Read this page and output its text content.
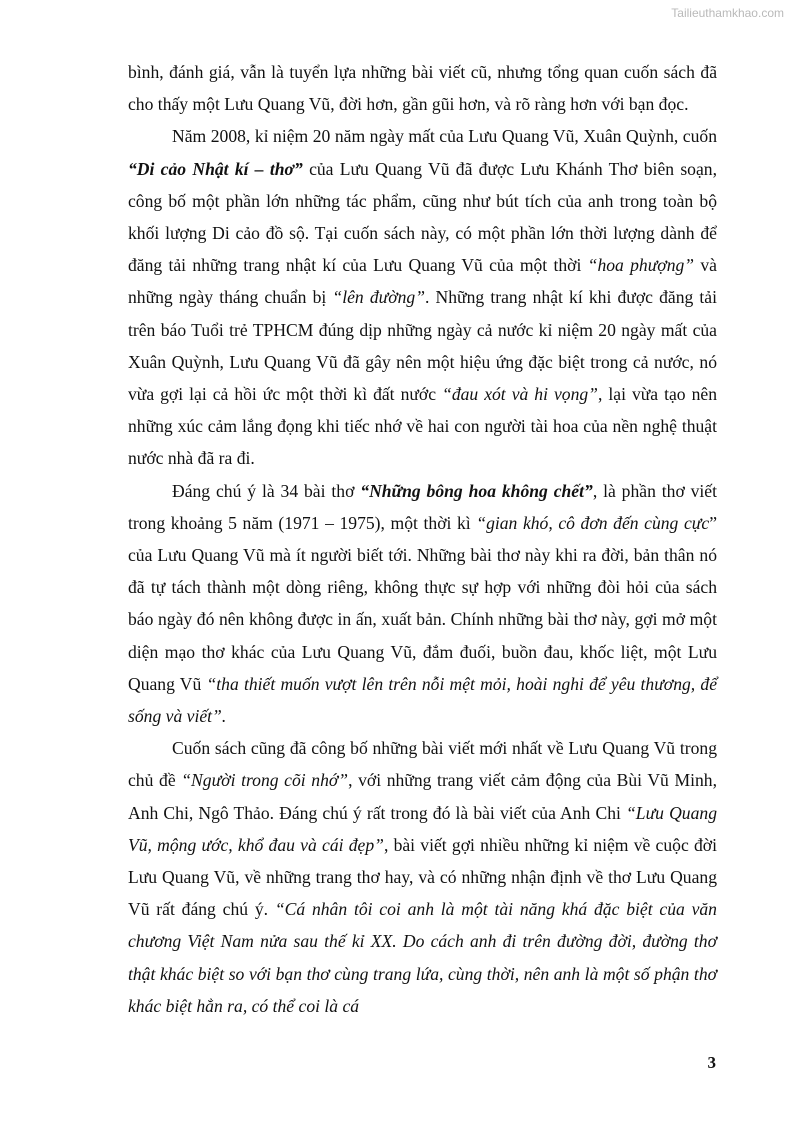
Tailieuthamkhao.com

bình, đánh giá, vẫn là tuyển lựa những bài viết cũ, nhưng tổng quan cuốn sách đã cho thấy một Lưu Quang Vũ, đời hơn, gần gũi hơn, và rõ ràng hơn với bạn đọc.

Năm 2008, kỉ niệm 20 năm ngày mất của Lưu Quang Vũ, Xuân Quỳnh, cuốn “Di cảo Nhật kí – thơ” của Lưu Quang Vũ đã được Lưu Khánh Thơ biên soạn, công bố một phần lớn những tác phẩm, cũng như bút tích của anh trong toàn bộ khối lượng Di cảo đồ sộ. Tại cuốn sách này, có một phần lớn thời lượng dành để đăng tải những trang nhật kí của Lưu Quang Vũ của một thời “hoa phượng” và những ngày tháng chuẩn bị “lên đường”. Những trang nhật kí khi được đăng tải trên báo Tuổi trẻ TPHCM đúng dịp những ngày cả nước kỉ niệm 20 ngày mất của Xuân Quỳnh, Lưu Quang Vũ đã gây nên một hiệu ứng đặc biệt trong cả nước, nó vừa gợi lại cả hồi ức một thời kì đất nước “đau xót và hi vọng”, lại vừa tạo nên những xúc cảm lắng đọng khi tiếc nhớ về hai con người tài hoa của nền nghệ thuật nước nhà đã ra đi.

Đáng chú ý là 34 bài thơ “Những bông hoa không chết”, là phần thơ viết trong khoảng 5 năm (1971 – 1975), một thời kì “gian khó, cô đơn đến cùng cực” của Lưu Quang Vũ mà ít người biết tới. Những bài thơ này khi ra đời, bản thân nó đã tự tách thành một dòng riêng, không thực sự hợp với những đòi hỏi của sách báo ngày đó nên không được in ấn, xuất bản. Chính những bài thơ này, gợi mở một diện mạo thơ khác của Lưu Quang Vũ, đắm đuối, buồn đau, khốc liệt, một Lưu Quang Vũ “tha thiết muốn vượt lên trên nỗi mệt mỏi, hoài nghi để yêu thương, để sống và viết”.

Cuốn sách cũng đã công bố những bài viết mới nhất về Lưu Quang Vũ trong chủ đề “Người trong cõi nhớ”, với những trang viết cảm động của Bùi Vũ Minh, Anh Chi, Ngô Thảo. Đáng chú ý rất trong đó là bài viết của Anh Chi “Lưu Quang Vũ, mộng ước, khổ đau và cái đẹp”, bài viết gợi nhiều những kỉ niệm về cuộc đời Lưu Quang Vũ, về những trang thơ hay, và có những nhận định về thơ Lưu Quang Vũ rất đáng chú ý. “Cá nhân tôi coi anh là một tài năng khá đặc biệt của văn chương Việt Nam nửa sau thế kỉ XX. Do cách anh đi trên đường đời, đường thơ thật khác biệt so với bạn thơ cùng trang lứa, cùng thời, nên anh là một số phận thơ khác biệt hẳn ra, có thể coi là cá

3
